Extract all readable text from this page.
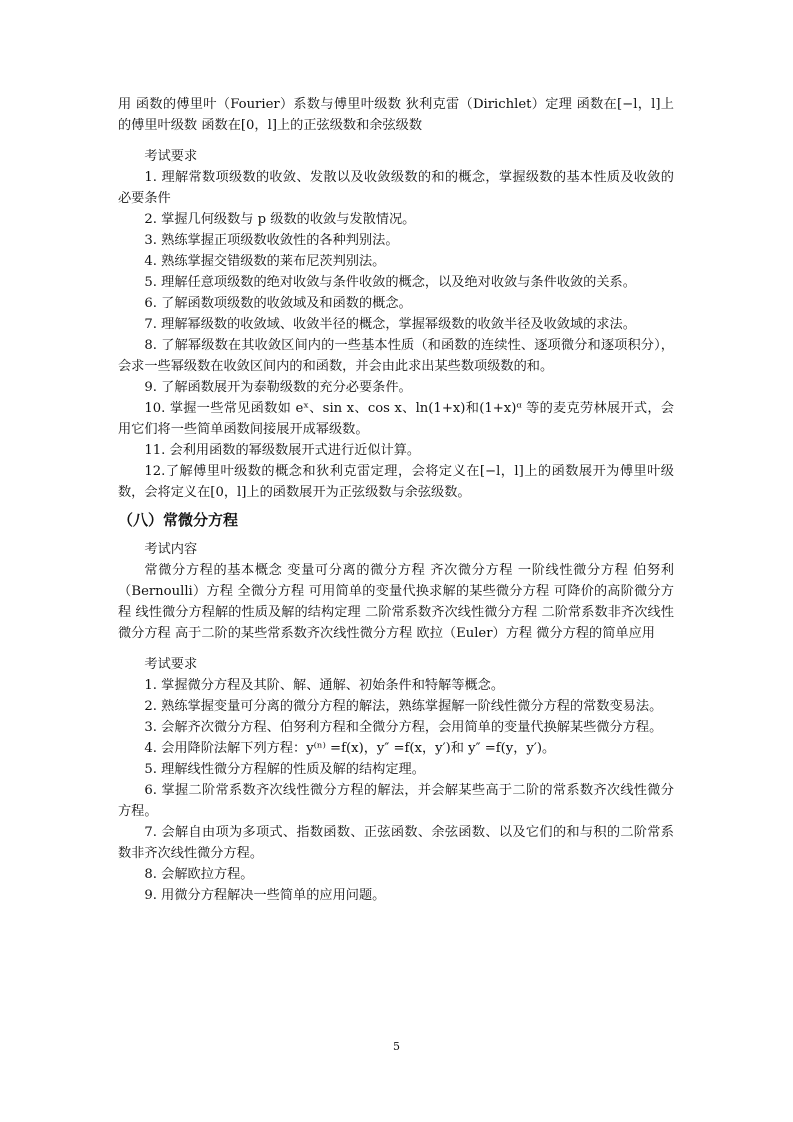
用 函数的傅里叶（Fourier）系数与傅里叶级数 狄利克雷（Dirichlet）定理 函数在[−l，l]上的傅里叶级数 函数在[0，l]上的正弦级数和余弦级数

考试要求

1. 理解常数项级数的收敛、发散以及收敛级数的和的概念，掌握级数的基本性质及收敛的必要条件

2. 掌握几何级数与 p 级数的收敛与发散情况。

3. 熟练掌握正项级数收敛性的各种判别法。

4. 熟练掌握交错级数的莱布尼茨判别法。

5. 理解任意项级数的绝对收敛与条件收敛的概念，以及绝对收敛与条件收敛的关系。

6. 了解函数项级数的收敛域及和函数的概念。

7. 理解幂级数的收敛域、收敛半径的概念，掌握幂级数的收敛半径及收敛域的求法。

8. 了解幂级数在其收敛区间内的一些基本性质（和函数的连续性、逐项微分和逐项积分），会求一些幂级数在收敛区间内的和函数，并会由此求出某些数项级数的和。

9. 了解函数展开为泰勒级数的充分必要条件。

10. 掌握一些常见函数如 eˣ、sin x、cos x、ln(1+x)和(1+x)ᵅ 等的麦克劳林展开式，会用它们将一些简单函数间接展开成幂级数。

11. 会利用函数的幂级数展开式进行近似计算。

12.了解傅里叶级数的概念和狄利克雷定理，会将定义在[−l，l]上的函数展开为傅里叶级数，会将定义在[0，l]上的函数展开为正弦级数与余弦级数。

（八）常微分方程

考试内容

常微分方程的基本概念 变量可分离的微分方程 齐次微分方程 一阶线性微分方程 伯努利（Bernoulli）方程 全微分方程 可用简单的变量代换求解的某些微分方程 可降价的高阶微分方程 线性微分方程解的性质及解的结构定理 二阶常系数齐次线性微分方程 二阶常系数非齐次线性微分方程 高于二阶的某些常系数齐次线性微分方程 欧拉（Euler）方程 微分方程的简单应用

考试要求

1. 掌握微分方程及其阶、解、通解、初始条件和特解等概念。

2. 熟练掌握变量可分离的微分方程的解法，熟练掌握解一阶线性微分方程的常数变易法。

3. 会解齐次微分方程、伯努利方程和全微分方程，会用简单的变量代换解某些微分方程。

4. 会用降阶法解下列方程：y⁽ⁿ⁾ =f(x)，y″ =f(x，y′)和 y″ =f(y，y′)。

5. 理解线性微分方程解的性质及解的结构定理。

6. 掌握二阶常系数齐次线性微分方程的解法，并会解某些高于二阶的常系数齐次线性微分方程。

7. 会解自由项为多项式、指数函数、正弦函数、余弦函数、以及它们的和与积的二阶常系数非齐次线性微分方程。

8. 会解欧拉方程。

9. 用微分方程解决一些简单的应用问题。

5
